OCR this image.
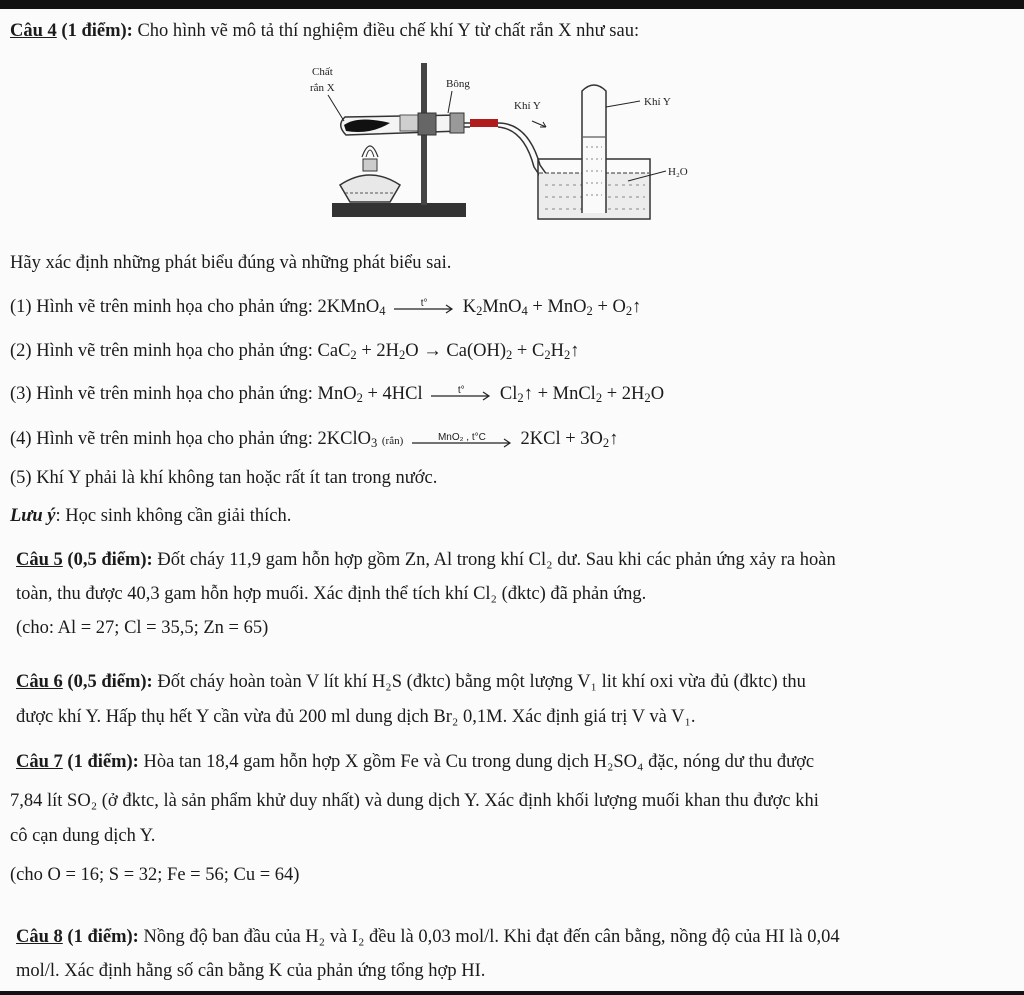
Câu 4 (1 điểm): Cho hình vẽ mô tả thí nghiệm điều chế khí Y từ chất rắn X như sau:
Chất
rắn X	Bông
Khí Y	Khí Y
H₂O
Hãy xác định những phát biểu đúng và những phát biểu sai.
(1) Hình vẽ trên minh họa cho phản ứng: 2KMnO$_4$
t°	$K_2MnO_4 + MnO_2$ + $O_2↑$
(2) Hình vẽ trên minh họa cho phản ứng: $CaC_2 + 2H_2O \to Ca(OH)_2$ + $C_2H_2↑$
(3) Hình vẽ trên minh họa cho phản ứng: MnO$_2$ + 4HCl	t°	$Cl_2↑$ + MnCl$_2$ + $2H_2O$
(4) Hình vẽ trên minh họa cho phản ứng: 2KClO$_3$ (rắn)	MnO₂ , t°C	$2KCl + 3O_2↑$
(5) Khí Y phải là khí không tan hoặc rất ít tan trong nước.
Lưu ý: Học sinh không cần giải thích.
Câu 5 (0,5 điểm): Đốt cháy 11,9 gam hỗn hợp gồm Zn, Al trong khí Cl₂ dư. Sau khi các phản ứng xảy ra hoàn
toàn, thu được 40,3 gam hỗn hợp muối. Xác định thể tích khí Cl₂ (đktc) đã phản ứng.
(cho: Al = 27; Cl = 35,5; Zn = 65)
Câu 6 (0,5 điểm): Đốt cháy hoàn toàn V lít khí H₂S (đktc) bằng một lượng V₁ lit khí oxi vừa đủ (đktc) thu
được khí Y. Hấp thụ hết Y cần vừa đủ 200 ml dung dịch Br₂ 0,1M. Xác định giá trị V và V₁.
Câu 7 (1 điểm): Hòa tan 18,4 gam hỗn hợp X gồm Fe và Cu trong dung dịch H₂SO₄ đặc, nóng dư thu được
7,84 lít SO₂ (ở đktc, là sản phẩm khử duy nhất) và dung dịch Y. Xác định khối lượng muối khan thu được khi
cô cạn dung dịch Y.
(cho O = 16; S = 32; Fe = 56; Cu = 64)
Câu 8 (1 điểm): Nồng độ ban đầu của H₂ và I₂ đều là 0,03 mol/l. Khi đạt đến cân bằng, nồng độ của HI là 0,04
mol/l. Xác định hằng số cân bằng K của phản ứng tổng hợp HI.
